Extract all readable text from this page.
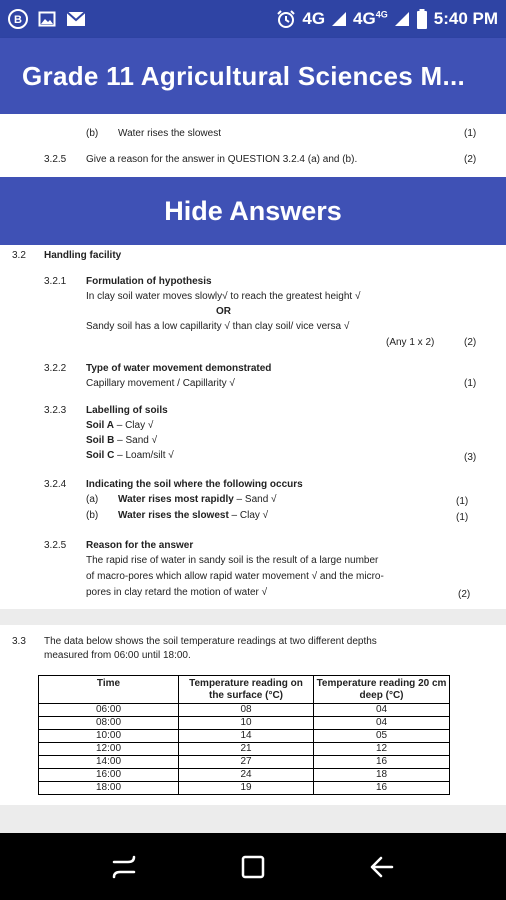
B	4G $4G^{4G}$	5:40 PM
Grade 11 Agricultural Sciences M...
(b) Water rises the slowest	(1)
3.2.5 Give a reason for the answer in QUESTION 3.2.4 (a) and (b).	(2)
Hide Answers
3.2 Handling facility
3.2.1 Formulation of hypothesis
In clay soil water moves slowly√ to reach the greatest height √
OR
Sandy soil has a low capillarity √ than clay soil/ vice versa √
(Any 1 x 2)	(2)
3.2.2 Type of water movement demonstrated
Capillary movement / Capillarity √	(1)
3.2.3 Labelling of soils
Soil A – Clay √
Soil B – Sand √
Soil C – Loam/silt √	(3)
3.2.4 Indicating the soil where the following occurs
(a) Water rises most rapidly – Sand √	(1)
(b) Water rises the slowest – Clay √	(1)
3.2.5 Reason for the answer
The rapid rise of water in sandy soil is the result of a large number
of macro-pores which allow rapid water movement √ and the micro-
pores in clay retard the motion of water √	(2)
3.3 The data below shows the soil temperature readings at two different depths
measured from 06:00 until 18:00.
Time	Temperature reading on the surface (°C)	Temperature reading 20 cm deep (°C)
06:00	08	04
08:00	10	04
10:00	14	05
12:00	21	12
14:00	27	16
16:00	24	18
18:00	19	16
